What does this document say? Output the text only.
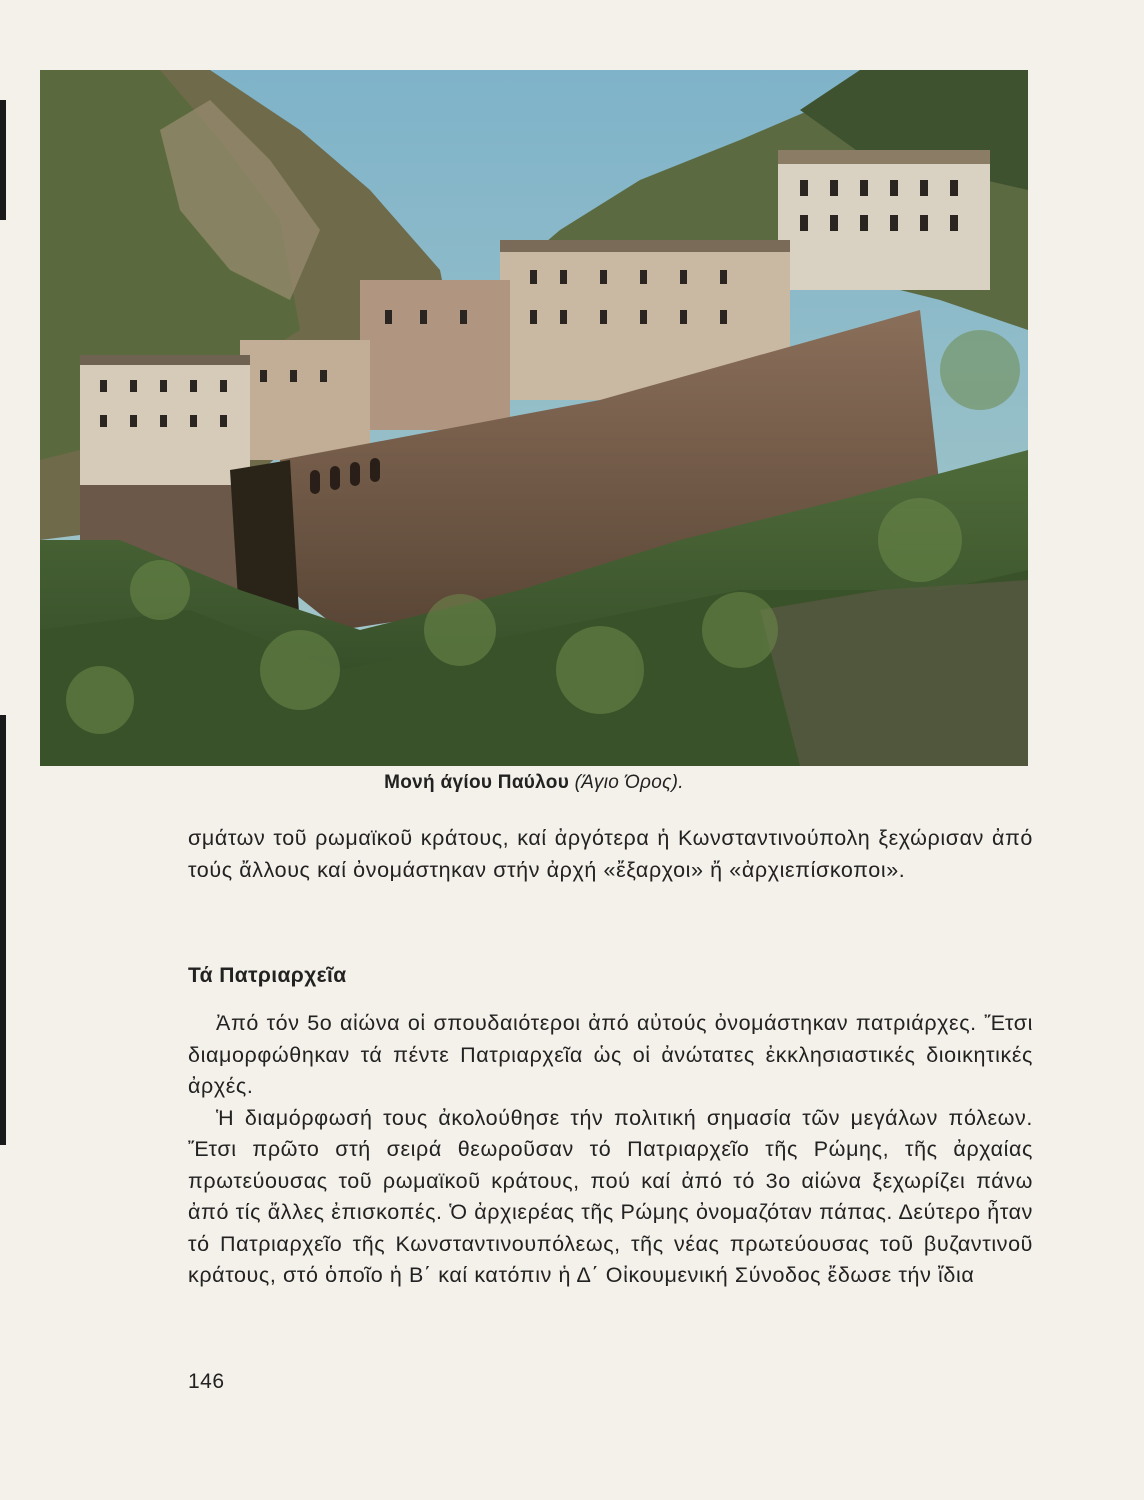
Μονή άγίου Παύλου (Άγιο Όρος).

σμάτων τοῦ ρωμαϊκοῦ κράτους, καί ἀργότερα ἡ Κωνσταντινούπολη ξεχώρισαν ἀπό τούς ἄλλους καί ὀνομάστηκαν στήν ἀρχή «ἔξαρχοι» ἤ «ἀρχιεπίσκοποι».

Τά Πατριαρχεῖα

Ἀπό τόν 5ο αἰώνα οἱ σπουδαιότεροι ἀπό αὐτούς ὀνομάστηκαν πατριάρχες. Ἔτσι διαμορφώθηκαν τά πέντε Πατριαρχεῖα ὡς οἱ ἀνώτατες ἐκκλησιαστικές διοικητικές ἀρχές.

Ἡ διαμόρφωσή τους ἀκολούθησε τήν πολιτική σημασία τῶν μεγάλων πόλεων. Ἔτσι πρῶτο στή σειρά θεωροῦσαν τό Πατριαρχεῖο τῆς Ρώμης, τῆς ἀρχαίας πρωτεύουσας τοῦ ρωμαϊκοῦ κράτους, πού καί ἀπό τό 3ο αἰώνα ξεχωρίζει πάνω ἀπό τίς ἄλλες ἐπισκοπές. Ὁ ἀρχιερέας τῆς Ρώμης ὀνομαζόταν πάπας. Δεύτερο ἦταν τό Πατριαρχεῖο τῆς Κωνσταντινουπόλεως, τῆς νέας πρωτεύουσας τοῦ βυζαντινοῦ κράτους, στό ὁποῖο ἡ Β΄ καί κατόπιν ἡ Δ΄ Οἰκουμενική Σύνοδος ἔδωσε τήν ἴδια

146
